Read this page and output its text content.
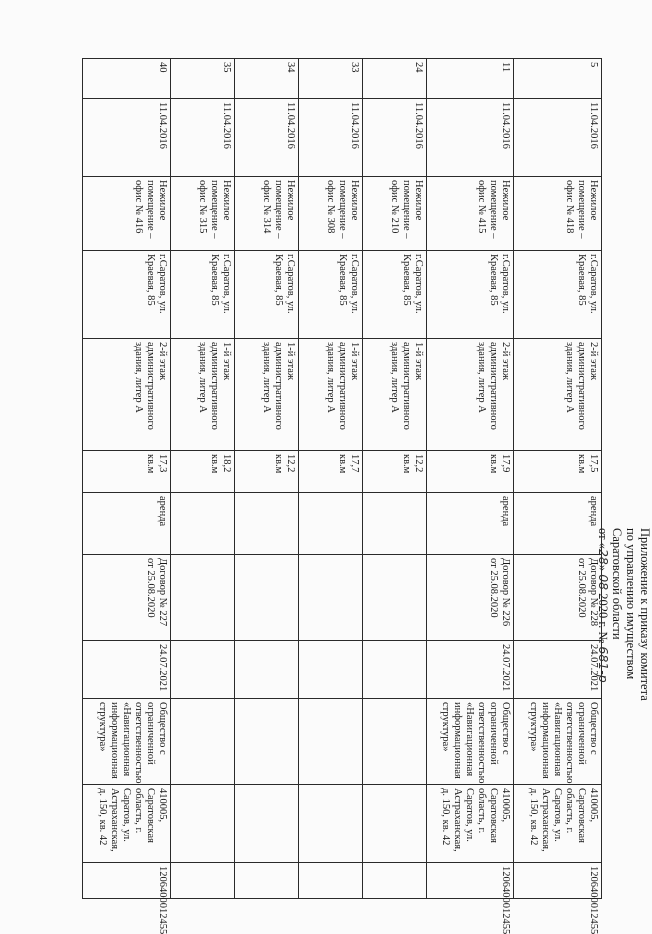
Приложение к приказу комитета
по управлению имуществом
Саратовской области
от «28» 08 2020 г. № 681-р
5	11.04.2016	Нежилое помещение – офис № 418	г.Саратов, ул. Краевая, 85	2-й этаж административного здания, литер А	17,5 кв.м	аренда	Договор № 228 от 25.08.2020	24.07.2021	Общество с ограниченной ответственностью «Навигационная информационная структура»	410005, Саратовская область, г. Саратов, ул. Астраханская, д. 150, кв. 42	1206400012455
11	11.04.2016	Нежилое помещение – офис № 415	г.Саратов, ул. Краевая, 85	2-й этаж административного здания, литер А	17,9 кв.м	аренда	Договор № 226 от 25.08.2020	24.07.2021	Общество с ограниченной ответственностью «Навигационная информационная структура»	410005, Саратовская область, г. Саратов, ул. Астраханская, д. 150, кв. 42	1206400012455
24	11.04.2016	Нежилое помещение – офис № 210	г.Саратов, ул. Краевая, 85	1-й этаж административного здания, литер А	12,2 кв.м						
33	11.04.2016	Нежилое помещение – офис № 308	г.Саратов, ул. Краевая, 85	1-й этаж административного здания, литер А	17,7 кв.м						
34	11.04.2016	Нежилое помещение – офис № 314	г.Саратов, ул. Краевая, 85	1-й этаж административного здания, литер А	12,2 кв.м						
35	11.04.2016	Нежилое помещение – офис № 315	г.Саратов, ул. Краевая, 85	1-й этаж административного здания, литер А	18,2 кв.м						
40	11.04.2016	Нежилое помещение – офис № 416	г.Саратов, ул. Краевая, 85	2-й этаж административного здания, литер А	17,3 кв.м	аренда	Договор № 227 от 25.08.2020	24.07.2021	Общество с ограниченной ответственностью «Навигационная информационная структура»	410005, Саратовская область, г. Саратов, ул. Астраханская, д. 150, кв. 42	1206400012455
